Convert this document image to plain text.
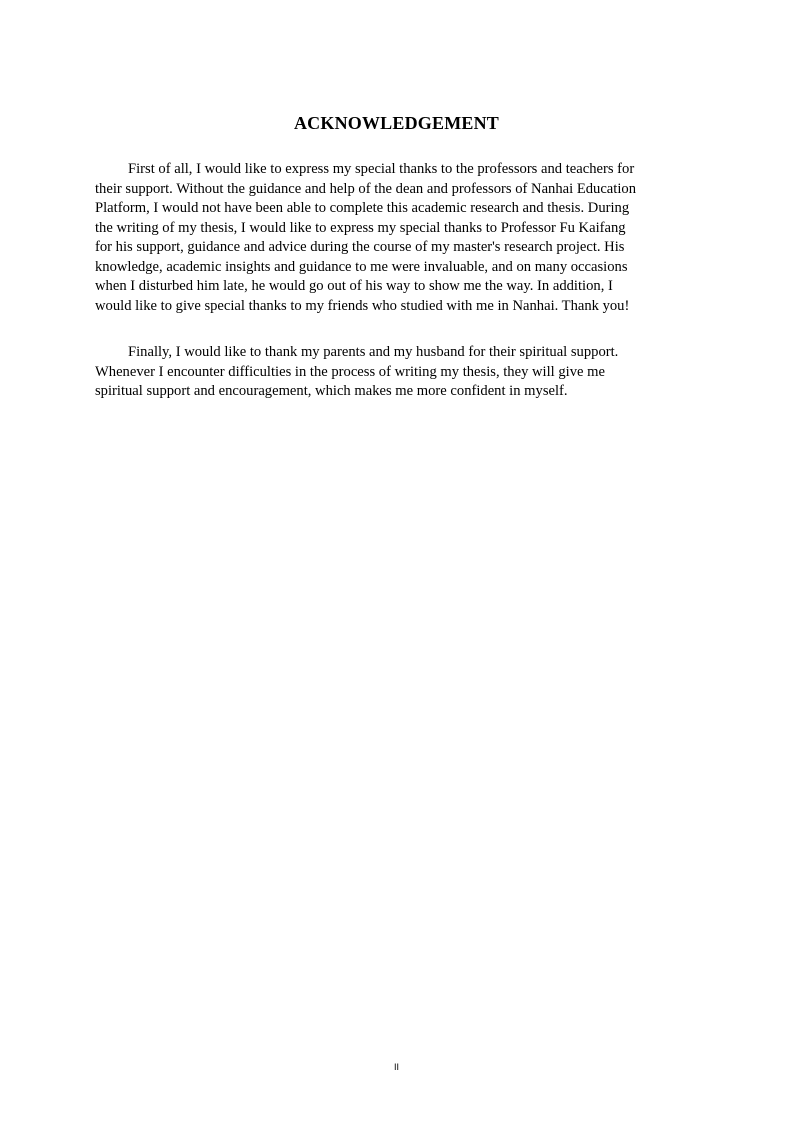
ACKNOWLEDGEMENT
First of all, I would like to express my special thanks to the professors and teachers for
their support. Without the guidance and help of the dean and professors of Nanhai Education
Platform, I would not have been able to complete this academic research and thesis. During
the writing of my thesis, I would like to express my special thanks to Professor Fu Kaifang
for his support, guidance and advice during the course of my master's research project. His
knowledge, academic insights and guidance to me were invaluable, and on many occasions
when I disturbed him late, he would go out of his way to show me the way. In addition, I
would like to give special thanks to my friends who studied with me in Nanhai. Thank you!
Finally, I would like to thank my parents and my husband for their spiritual support.
Whenever I encounter difficulties in the process of writing my thesis, they will give me
spiritual support and encouragement, which makes me more confident in myself.
II
